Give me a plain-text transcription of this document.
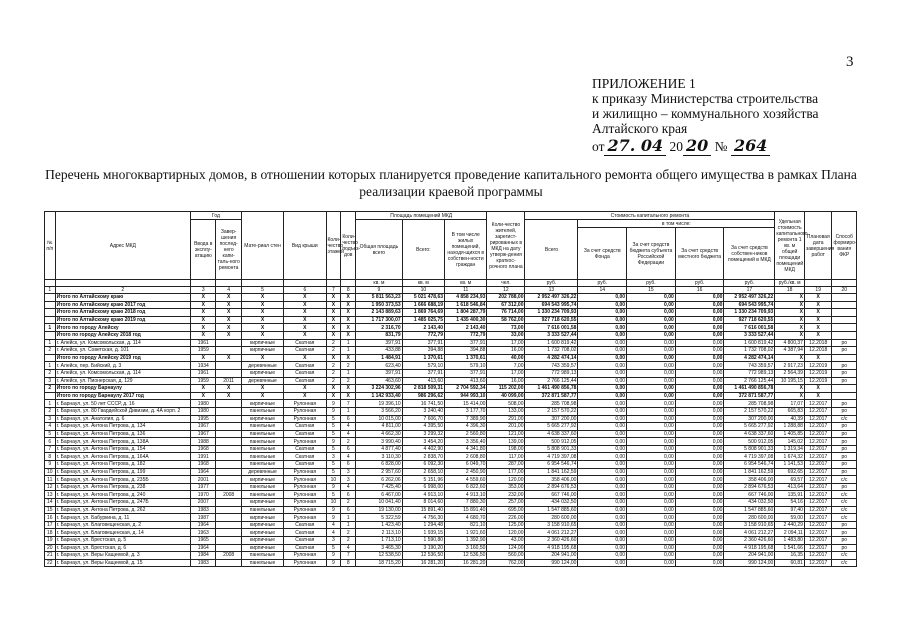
3
ПРИЛОЖЕНИЕ 1
к приказу Министерства строительства
и жилищно – коммунального хозяйства
Алтайского края
от 27. 04 20 20 № 264
Перечень многоквартирных домов, в отношении которых планируется проведение капитального ремонта общего имущества в рамках Плана реализации краевой программы
№ п/п	Адрес МКД	Год		Мате-риал стен	Вид крыши	Коли-чество этажей	Коли-чество подъез-дов	Площадь помещений МКД			Коли-чество жителей, зарегист-рированных в МКД на дату утверж-дения краткос-рочного плана	Стоимость капитального ремонта					Удельная стоимость капитального ремонта 1 кв. м общей площади помещений МКД	Плановая дата завершения работ	Способ формиро-вания ФКР
		Ввода в эксплу-атацию	Завер-шения послед-него капи-таль-ного ремонта					Общая площадь всего	Всего:	В том числе жилых помещений, находя-щихся в собствен-ности граждан		Всего	в том числе:						
													За счет средств Фонда	За счет средств бюджета субъекта Российской Федерации	За счет средств местного бюджета	За счет средств собствен-ников помещений в МКД			
								кв. м	кв. м	кв. м	чел.	руб.	руб.	руб.	руб.	руб.	руб./кв. м		
1	2	3	4	5	6	7	8	9	10	11	12	13	14	15	16	17	18	19	20
	Итого по Алтайскому краю	X	X	X	X	X	X	5 811 563,23	5 021 478,63	4 858 234,93	202 788,00	2 952 497 326,22	0,00	0,00	0,00	2 952 497 326,22	X	X	
	Итого по Алтайскому краю 2017 год	X	X	X	X	X	X	1 950 373,53	1 666 688,19	1 618 546,84	67 312,00	694 543 995,74	0,00	0,00	0,00	694 543 995,74	X	X	
	Итого по Алтайскому краю 2018 год	X	X	X	X	X	X	2 143 889,63	1 869 764,69	1 804 287,79	76 714,00	1 330 234 709,93	0,00	0,00	0,00	1 330 234 709,93	X	X	
	Итого по Алтайскому краю 2019 год	X	X	X	X	X	X	1 717 300,07	1 485 025,75	1 435 400,30	58 762,00	927 718 620,55	0,00	0,00	0,00	927 718 620,55	X	X	
1	Итого по городу Алейску	X	X	X	X	X	X	2 316,70	2 143,40	2 143,40	73,00	7 616 001,58	0,00	0,00	0,00	7 616 001,58	X	X	
	Итого по городу Алейску 2018 год	X	X	X	X	X	X	831,79	772,79	772,79	33,00	3 333 527,44	0,00	0,00	0,00	3 333 527,44	X	X	
1	г. Алейск, ул. Комсомольская, д. 114	1961		кирпичные	Скатная	2	1	397,91	377,91	377,91	17,00	1 600 819,42	0,00	0,00	0,00	1 600 819,42	4 800,37	12.2018	ро
2	г. Алейск, ул. Советская, д. 101	1959		кирпичные	Скатная	2	1	433,88	394,88	394,88	16,00	1 732 708,02	0,00	0,00	0,00	1 732 708,02	4 387,94	12.2018	ро
	Итого по городу Алейску 2019 год	X	X	X	X	X	X	1 484,91	1 370,61	1 370,61	40,00	4 282 474,14	0,00	0,00	0,00	4 282 474,14	X	X	
1	г. Алейск, пер. Бийский, д. 3	1934		деревянные	Скатная	2	2	623,40	579,10	579,10	7,00	743 359,57	0,00	0,00	0,00	743 359,57	2 917,23	12.2019	ро
2	г. Алейск, ул. Комсомольская, д. 114	1961		кирпичные	Скатная	2	1	397,91	377,91	377,91	17,00	772 989,13	0,00	0,00	0,00	772 989,13	2 564,39	12.2019	ро
3	г. Алейск, ул. Пионерская, д. 129	1959	2011	деревянные	Скатная	2	2	463,60	413,60	413,60	16,00	2 766 125,44	0,00	0,00	0,00	2 766 125,44	10 195,15	12.2019	ро
2	Итого по городу Барнаулу	X	X	X	X	X	X	3 224 302,96	2 818 509,31	2 704 592,34	115 202,00	1 461 490 856,78	0,00	0,00	0,00	1 461 490 856,78	X	X	
	Итого по городу Барнаулу 2017 год	X	X	X	X	X	X	1 142 933,40	986 296,62	944 993,10	40 099,00	372 871 587,77	0,00	0,00	0,00	372 871 587,77	X	X	
1	г. Барнаул, ул. 50 лет СССР, д. 16	1980		кирпичные	Рулонная	9	7	19 396,10	16 741,50	15 414,00	508,00	285 708,98	0,00	0,00	0,00	285 708,98	17,07	12.2017	ро
2	г. Барнаул, ул. 80 Гвардейской Дивизии, д. 4А корп. 2	1980		панельные	Рулонная	9	1	3 566,20	3 240,40	3 177,70	133,00	2 157 570,22	0,00	0,00	0,00	2 157 570,22	665,83	12.2017	ро
3	г. Барнаул, ул. Анатолия, д. 6	1995		кирпичные	Рулонная	5	6	10 015,00	7 606,70	7 389,90	291,00	307 200,00	0,00	0,00	0,00	307 200,00	40,39	12.2017	с/с
4	г. Барнаул, ул. Антона Петрова, д. 134	1967		панельные	Скатная	5	4	4 811,00	4 395,50	4 396,30	201,00	5 665 277,92	0,00	0,00	0,00	5 665 277,92	1 288,88	12.2017	ро
5	г. Барнаул, ул. Антона Петрова, д. 136	1967		панельные	Скатная	5	4	4 662,30	3 299,32	2 560,80	121,00	4 638 337,60	0,00	0,00	0,00	4 638 337,60	1 405,85	12.2017	ро
6	г. Барнаул, ул. Антона Петрова, д. 138А	1988		панельные	Рулонная	9	2	3 990,40	3 454,20	3 356,40	139,00	500 912,05	0,00	0,00	0,00	500 912,05	145,02	12.2017	ро
7	г. Барнаул, ул. Антона Петрова, д. 154	1968		панельные	Скатная	5	6	4 877,40	4 402,90	4 341,80	198,00	5 808 901,33	0,00	0,00	0,00	5 808 901,33	1 319,34	12.2017	ро
8	г. Барнаул, ул. Антона Петрова, д. 164А	1991		панельные	Скатная	3	4	3 110,30	2 838,70	2 608,80	117,00	4 719 397,08	0,00	0,00	0,00	4 719 397,08	1 674,32	12.2017	ро
9	г. Барнаул, ул. Антона Петрова, д. 182	1968		панельные	Скатная	5	6	6 828,00	6 092,30	6 049,70	287,00	6 954 546,74	0,00	0,00	0,00	6 954 546,74	1 141,53	12.2017	ро
10	г. Барнаул, ул. Антона Петрова, д. 199	1964		деревянные	Рулонная	5	3	2 957,60	2 658,10	2 450,90	177,00	1 841 162,59	0,00	0,00	0,00	1 841 162,59	692,65	12.2017	ро
11	г. Барнаул, ул. Антона Петрова, д. 235Б	2001		кирпичные	Рулонная	10	3	6 262,06	5 151,96	4 559,60	120,00	358 406,00	0,00	0,00	0,00	358 406,00	69,57	12.2017	с/с
12	г. Барнаул, ул. Антона Петрова, д. 238	1977		панельные	Рулонная	9	4	7 425,40	6 998,00	6 822,60	353,00	2 894 676,53	0,00	0,00	0,00	2 894 676,53	413,64	12.2017	ро
13	г. Барнаул, ул. Антона Петрова, д. 240	1970	2008	панельные	Рулонная	5	6	6 467,00	4 913,10	4 913,10	232,00	667 746,00	0,00	0,00	0,00	667 746,00	135,91	12.2017	с/с
14	г. Барнаул, ул. Антона Петрова, д. 247Б	2007		кирпичные	Рулонная	10	2	10 041,40	8 014,60	7 880,30	257,00	434 032,50	0,00	0,00	0,00	434 032,50	54,16	12.2017	с/с
15	г. Барнаул, ул. Антона Петрова, д. 262	1983		панельные	Рулонная	9	6	19 130,00	15 891,40	15 891,40	695,00	1 547 885,60	0,00	0,00	0,00	1 547 885,60	97,40	12.2017	с/с
16	г. Барнаул, ул. Бабуркина, д. 11	1987		кирпичные	Рулонная	9	1	5 322,59	4 756,30	4 680,70	226,00	280 600,00	0,00	0,00	0,00	280 600,00	59,00	12.2017	с/с
17	г. Барнаул, ул. Благовещенская, д. 2	1964		кирпичные	Скатная	4	1	1 423,40	1 294,48	821,10	125,00	3 158 910,65	0,00	0,00	0,00	3 158 910,65	2 440,29	12.2017	ро
18	г. Барнаул, ул. Благовещенская, д. 14	1963		кирпичные	Скатная	4	2	2 113,10	1 939,15	1 921,60	120,00	4 061 212,27	0,00	0,00	0,00	4 061 212,27	2 094,11	12.2017	ро
19	г. Барнаул, ул. Брестская, д. 5	1965		кирпичные	Скатная	3	2	1 713,10	1 590,80	1 392,90	43,00	2 360 426,60	0,00	0,00	0,00	2 360 426,60	1 483,80	12.2017	ро
20	г. Барнаул, ул. Брестская, д. 6	1964		кирпичные	Скатная	5	4	3 465,30	3 190,20	3 160,50	124,00	4 918 195,68	0,00	0,00	0,00	4 918 195,68	1 541,66	12.2017	ро
21	г. Барнаул, ул. Веры Кащеевой, д. 3	1984	2008	панельные	Рулонная	9	7	12 538,50	12 536,50	12 536,50	560,00	204 941,00	0,00	0,00	0,00	204 941,00	16,35	12.2017	с/с
22	г. Барнаул, ул. Веры Кащеевой, д. 15	1983		панельные	Рулонная	9	8	18 715,20	16 281,20	16 281,20	762,00	990 124,00	0,00	0,00	0,00	990 124,00	60,81	12.2017	с/с
